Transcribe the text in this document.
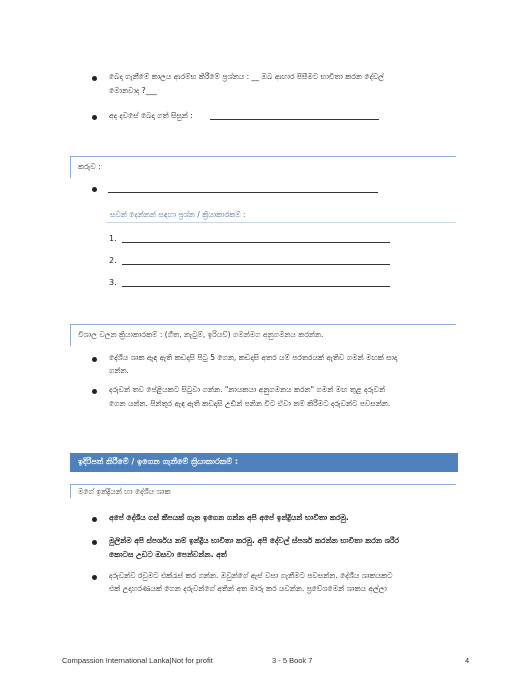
බෙදා ගැනීමේ කාලය ආරම්භ කිරීමේ ප්‍රශ්නය : __ ඔබ ආහාර පිසීමට භාවිතා කරන දේවල්
මොනවාද ?___
අද දවසේ බෙදා ගත් සිසුන් :
කරුව :
සවන් දෙන්නන් සඳහා ප්‍රශ්න / ක්‍රියාකාරකම් :
1.
2.
3.
විශාල වලන ක්‍රියාකාරකම් : (ගීත, නැටුම්, ඉරියව්) ගමන්මග අනුගමනය කරන්න.
දේශීය ශාක ඇඳ ඇති කඩදාසි පිටු 5 ගෙන, කඩදාසි අතර යම් පරතරයක් ඇතිව ගමන් මඟක් සාදා
ගන්න.
දරුවන් තව පේළියකට සිටුවා ගන්න. "නායකයා අනුගමනය කරන" ගමන් මඟ තුළ දරුවන්
ගෙන යන්න. පින්තූර ඇඳ ඇති කඩදාසි උඩින් පනින විට ඒවා නම් කිරීමට දරුවන්ට පවසන්න.
ඉදිරිපත් කිරීමේ / ඉගෙන ගැනීමේ ක්‍රියාකාරකම් :
මගේ ඉන්ද්‍රියන් හා දේශීය ශාක
අපේ දේශීය ගස් කීපයක් ගැන ඉගෙන ගන්න අපි අපේ ඉන්ද්‍රියන් භාවිතා කරමු.
මුලින්ම අපි ස්පර්ශය නම් ඉන්ද්‍රිය භාවිතා කරමු. අපි දේවල් ස්පර්ශ කරන්න භාවිතා කරන ශරීර
කොටස උඩට ඔසවා පෙන්වන්න. අත්
දරුවන්ව රවුමට එක්රැස් කර ගන්න. ඔවුන්ගේ ඇස් වසා ගැනීමට පවසන්න. දේශීය ශාකයකට
එක් උදාහරණයක් ගෙන දරුවන්ගේ අතින් අත මාරු කර යවන්න. ප්‍රවේශමෙන් ශාකය අල්ලා
Compassion International Lanka|Not for profit	3 - 5 Book 7	4
